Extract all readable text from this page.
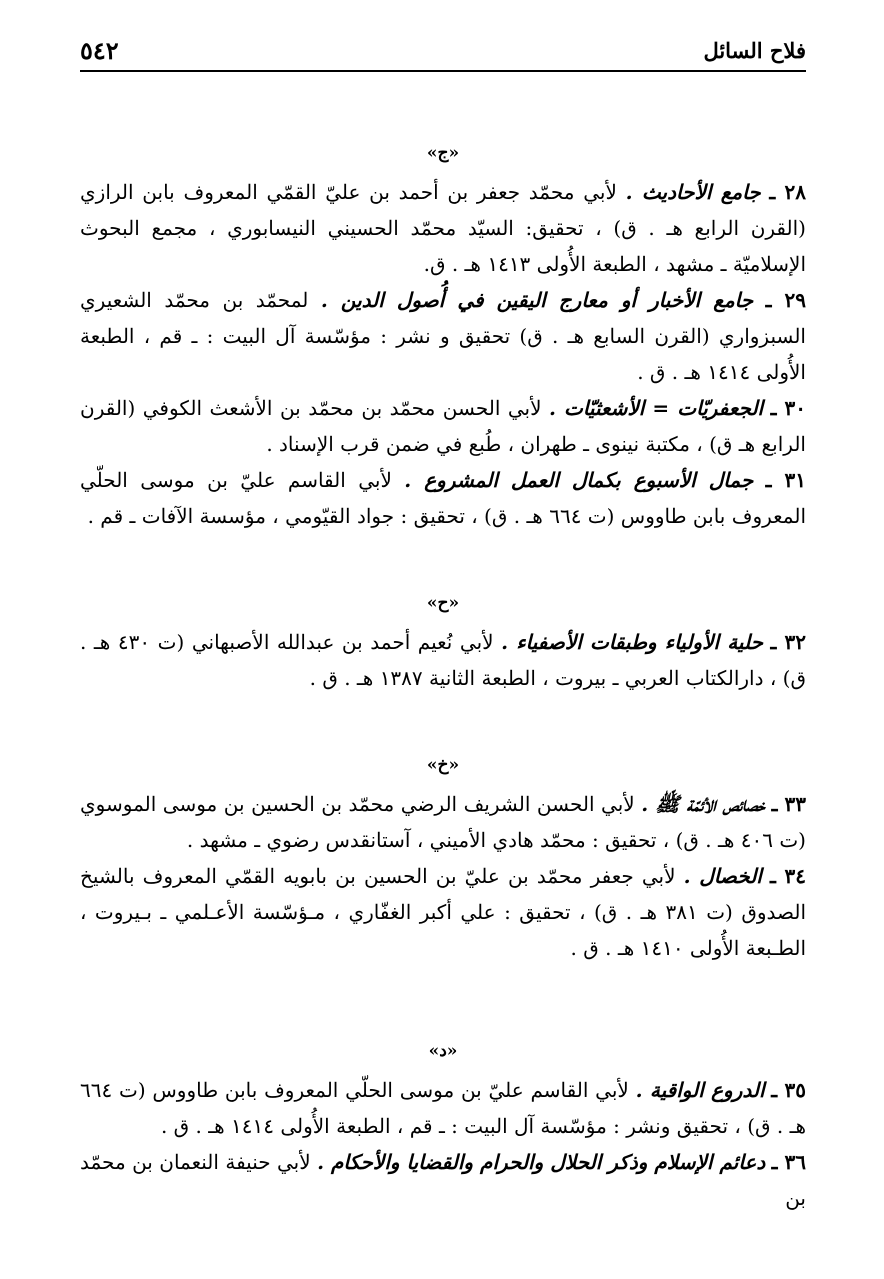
٥٤٢	فلاح السائل
«ج»

٢٨ ـ جامع الأحاديث . لأبي محمّد جعفر بن أحمد بن عليّ القمّي المعروف بابن الرازي (القرن الرابع هـ . ق) ، تحقيق: السيّد محمّد الحسيني النيسابوري ، مجمع البحوث الإسلاميّة ـ مشهد ، الطبعة الأُولى ١٤١٣ هـ . ق.

٢٩ ـ جامع الأخبار أو معارج اليقين في أُصول الدين . لمحمّد بن محمّد الشعيري السبزواري (القرن السابع هـ . ق) تحقيق و نشر : مؤسّسة آل البيت : ـ قم ، الطبعة الأُولى ١٤١٤ هـ . ق .

٣٠ ـ الجعفريّات = الأشعثيّات . لأبي الحسن محمّد بن محمّد بن الأشعث الكوفي (القرن الرابع هـ ق) ، مكتبة نينوى ـ طهران ، طُبع في ضمن قرب الإسناد .

٣١ ـ جمال الأسبوع بكمال العمل المشروع . لأبي القاسم عليّ بن موسى الحلّي المعروف بابن طاووس (ت ٦٦٤ هـ . ق) ، تحقيق : جواد القيّومي ، مؤسسة الآفات ـ قم .

«ح»

٣٢ ـ حلية الأولياء وطبقات الأصفياء . لأبي نُعيم أحمد بن عبدالله الأصبهاني (ت ٤٣٠ هـ . ق) ، دارالكتاب العربي ـ بيروت ، الطبعة الثانية ١٣٨٧ هـ . ق .

«خ»

٣٣ ـ خصائص الأئمّة ﷺ . لأبي الحسن الشريف الرضي محمّد بن الحسين بن موسى الموسوي (ت ٤٠٦ هـ . ق) ، تحقيق : محمّد هادي الأميني ، آستانقدس رضوي ـ مشهد .

٣٤ ـ الخصال . لأبي جعفر محمّد بن عليّ بن الحسين بن بابويه القمّي المعروف بالشيخ الصدوق (ت ٣٨١ هـ . ق) ، تحقيق : علي أكبر الغفّاري ، مـؤسّسة الأعـلمي ـ بـيروت ، الطـبعة الأُولى ١٤١٠ هـ . ق .

«د»

٣٥ ـ الدروع الواقية . لأبي القاسم عليّ بن موسى الحلّي المعروف بابن طاووس (ت ٦٦٤ هـ . ق) ، تحقيق ونشر : مؤسّسة آل البيت : ـ قم ، الطبعة الأُولى ١٤١٤ هـ . ق .

٣٦ ـ دعائم الإسلام وذكر الحلال والحرام والقضايا والأحكام . لأبي حنيفة النعمان بن محمّد بن
